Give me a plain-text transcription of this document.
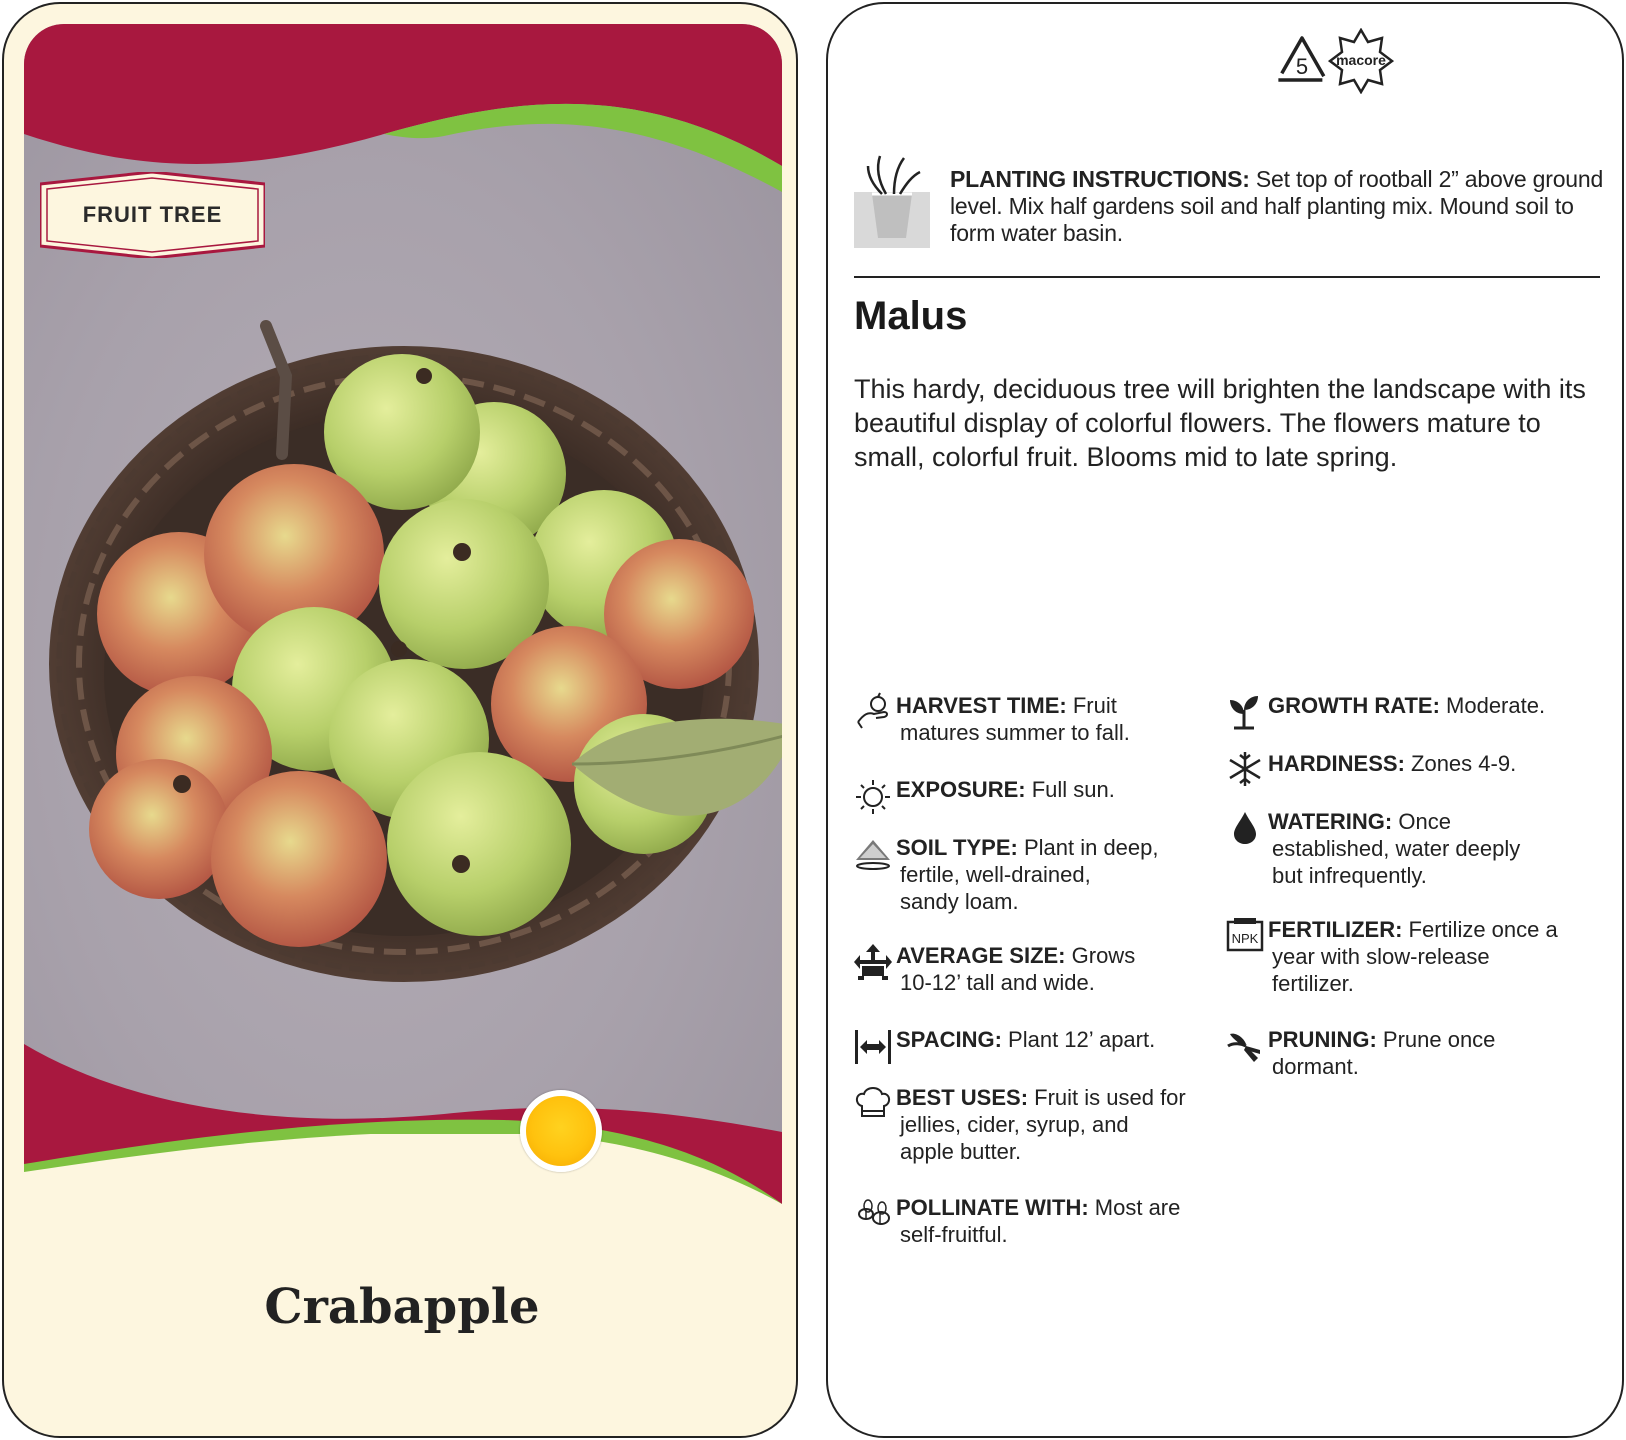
FRUIT TREE
Crabapple
5 macore
PLANTING INSTRUCTIONS: Set top of rootball 2” above ground level. Mix half gardens soil and half planting mix. Mound soil to form water basin.
Malus
This hardy, deciduous tree will brighten the landscape with its beautiful display of colorful flowers. The flowers mature to small, colorful fruit. Blooms mid to late spring.
HARVEST TIME: Fruit
matures summer to fall.
EXPOSURE: Full sun.
SOIL TYPE: Plant in deep,
fertile, well-drained,
sandy loam.
AVERAGE SIZE: Grows
10-12’ tall and wide.
SPACING: Plant 12’ apart.
BEST USES: Fruit is used for
jellies, cider, syrup, and
apple butter.
POLLINATE WITH: Most are
self-fruitful.
GROWTH RATE: Moderate.
HARDINESS: Zones 4-9.
WATERING: Once
established, water deeply
but infrequently.
NPK FERTILIZER: Fertilize once a
year with slow-release
fertilizer.
PRUNING: Prune once
dormant.
